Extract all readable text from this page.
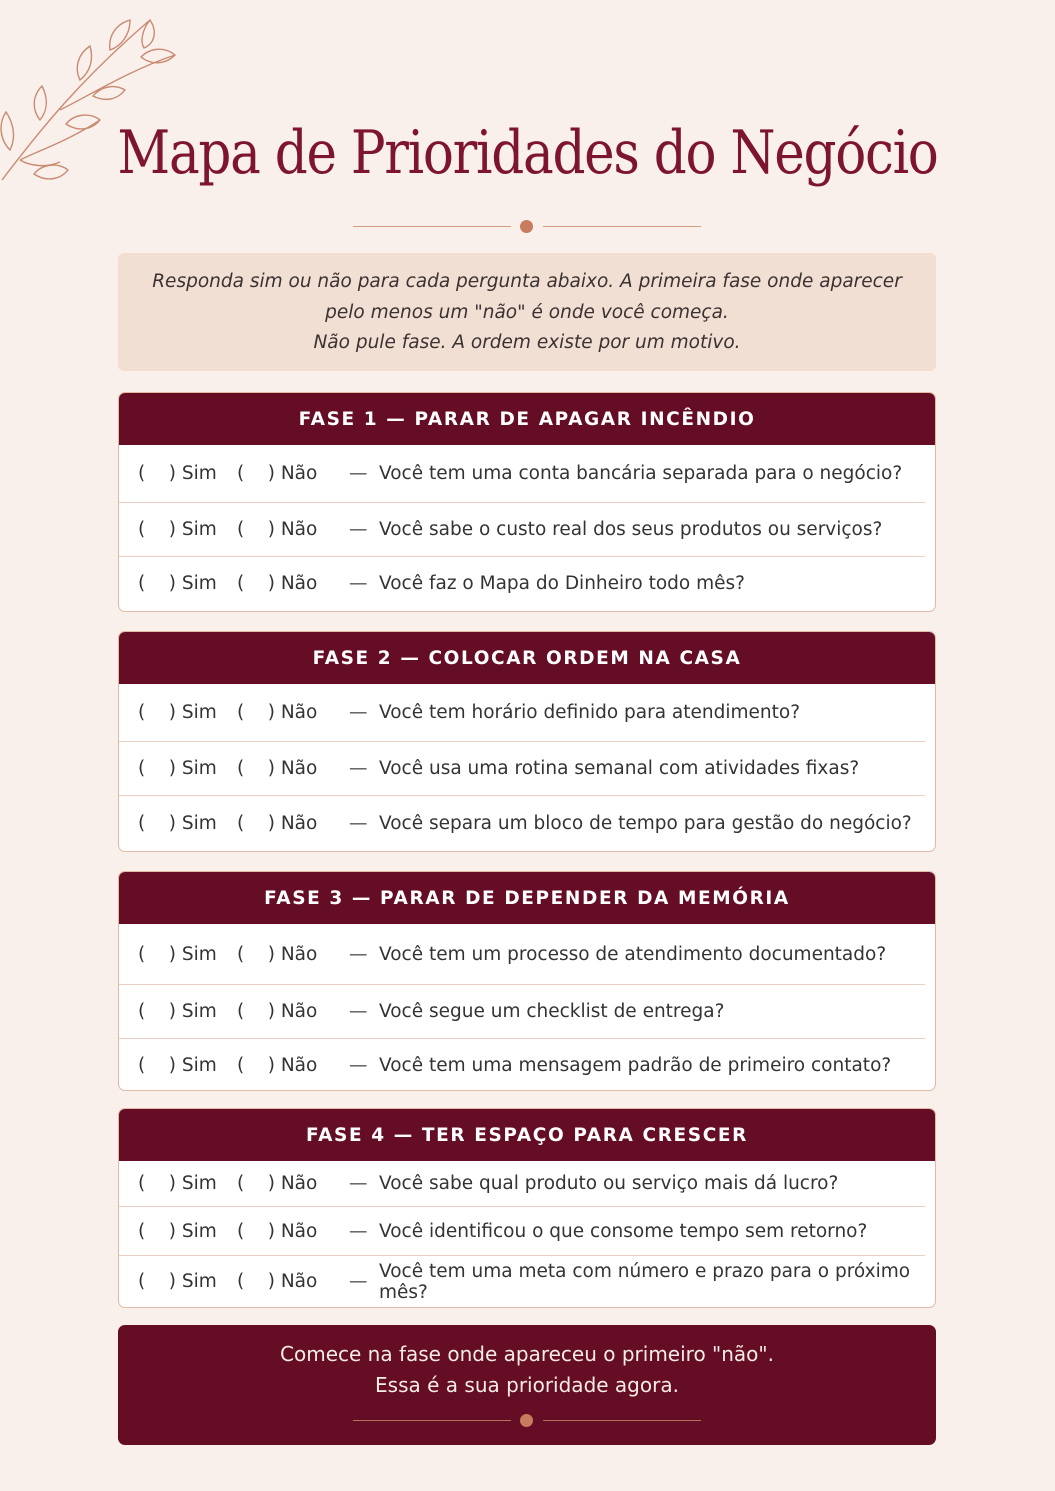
Mapa de Prioridades do Negócio

Responda sim ou não para cada pergunta abaixo. A primeira fase onde aparecer

pelo menos um "não" é onde você começa.

Não pule fase. A ordem existe por um motivo.

FASE 1 — PARAR DE APAGAR INCÊNDIO
(    ) Sim	(    ) Não	— Você tem uma conta bancária separada para o negócio?
(    ) Sim	(    ) Não	— Você sabe o custo real dos seus produtos ou serviços?
(    ) Sim	(    ) Não	— Você faz o Mapa do Dinheiro todo mês?
FASE 2 — COLOCAR ORDEM NA CASA
(    ) Sim	(    ) Não	— Você tem horário definido para atendimento?
(    ) Sim	(    ) Não	— Você usa uma rotina semanal com atividades fixas?
(    ) Sim	(    ) Não	— Você separa um bloco de tempo para gestão do negócio?
FASE 3 — PARAR DE DEPENDER DA MEMÓRIA
(    ) Sim	(    ) Não	— Você tem um processo de atendimento documentado?
(    ) Sim	(    ) Não	— Você segue um checklist de entrega?
(    ) Sim	(    ) Não	— Você tem uma mensagem padrão de primeiro contato?
FASE 4 — TER ESPAÇO PARA CRESCER
(    ) Sim	(    ) Não	— Você sabe qual produto ou serviço mais dá lucro?
(    ) Sim	(    ) Não	— Você identificou o que consome tempo sem retorno?
(    ) Sim	(    ) Não	— Você tem uma meta com número e prazo para o próximo mês?

Comece na fase onde apareceu o primeiro "não".

Essa é a sua prioridade agora.
